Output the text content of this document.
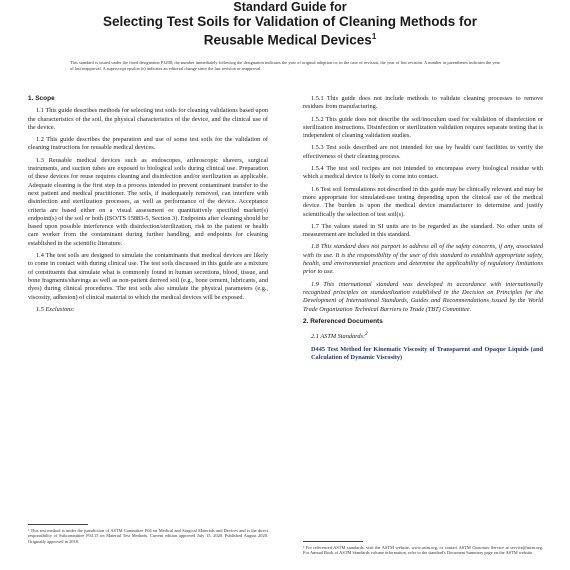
Standard Guide for
Selecting Test Soils for Validation of Cleaning Methods for
Reusable Medical Devices$^1$
This standard is issued under the fixed designation F3208; the number immediately following the designation indicates the year of original adoption or, in the case of revision, the year of last revision. A number in parentheses indicates the year of last reapproval. A superscript epsilon (ε) indicates an editorial change since the last revision or reapproval.

1. Scope

1.1 This guide describes methods for selecting test soils for cleaning validations based upon the characteristics of the soil, the physical characteristics of the device, and the clinical use of the device.

1.2 This guide describes the preparation and use of some test soils for the validation of cleaning instructions for reusable medical devices.

1.3 Reusable medical devices such as endoscopes, arthroscopic shavers, surgical instruments, and suction tubes are exposed to biological soils during clinical use. Preparation of these devices for reuse requires cleaning and disinfection and/or sterilization as applicable. Adequate cleaning is the first step in a process intended to prevent contaminant transfer to the next patient and medical practitioner. The soils, if inadequately removed, can interfere with disinfection and sterilization processes, as well as performance of the device. Acceptance criteria are based either on a visual assessment or quantitatively specified marker(s) endpoint(s) of the soil or both (ISO/TS 15883-5, Section 3). Endpoints after cleaning should be based upon possible interference with disinfection/sterilization, risk to the patient or health care worker from the contaminant during further handling, and endpoints for cleaning established in the scientific literature.

1.4 The test soils are designed to simulate the contaminants that medical devices are likely to come in contact with during clinical use. The test soils discussed in this guide are a mixture of constituents that simulate what is commonly found in human secretions, blood, tissue, and bone fragments/shavings as well as non-patient derived soil (e.g., bone cement, lubricants, and dyes) during clinical procedures. The test soils also simulate the physical parameters (e.g., viscosity, adhesion) of clinical material to which the medical devices will be exposed.

1.5 Exclusions:

1.5.1 This guide does not include methods to validate cleaning processes to remove residues from manufacturing.

1.5.2 This guide does not describe the soil/inoculum used for validation of disinfection or sterilization instructions. Disinfection or sterilization validation requires separate testing that is independent of cleaning validation studies.

1.5.3 Test soils described are not intended for use by health care facilities to verify the effectiveness of their cleaning process.

1.5.4 The test soil recipes are not intended to encompass every biological residue with which a medical device is likely to come into contact.

1.6 Test soil formulations not described in this guide may be clinically relevant and may be more appropriate for simulated-use testing depending upon the clinical use of the medical device. The burden is upon the medical device manufacturer to determine and justify scientifically the selection of test soil(s).

1.7 The values stated in SI units are to be regarded as the standard. No other units of measurement are included in this standard.

1.8 This standard does not purport to address all of the safety concerns, if any, associated with its use. It is the responsibility of the user of this standard to establish appropriate safety, health, and environmental practices and determine the applicability of regulatory limitations prior to use.

1.9 This international standard was developed in accordance with internationally recognized principles on standardization established in the Decision on Principles for the Development of International Standards, Guides and Recommendations issued by the World Trade Organization Technical Barriers to Trade (TBT) Committee.

2. Referenced Documents

2.1 ASTM Standards:$^2$

D445 Test Method for Kinematic Viscosity of Transparent and Opaque Liquids (and Calculation of Dynamic Viscosity)

¹ This test method is under the jurisdiction of ASTM Committee F04 on Medical and Surgical Materials and Devices and is the direct responsibility of Subcommittee F04.15 on Material Test Methods. Current edition approved July 15, 2020. Published August 2020. Originally approved in 2018.
² For referenced ASTM standards, visit the ASTM website, www.astm.org, or contact ASTM Customer Service at service@astm.org. For Annual Book of ASTM Standards volume information, refer to the standard's Document Summary page on the ASTM website.
